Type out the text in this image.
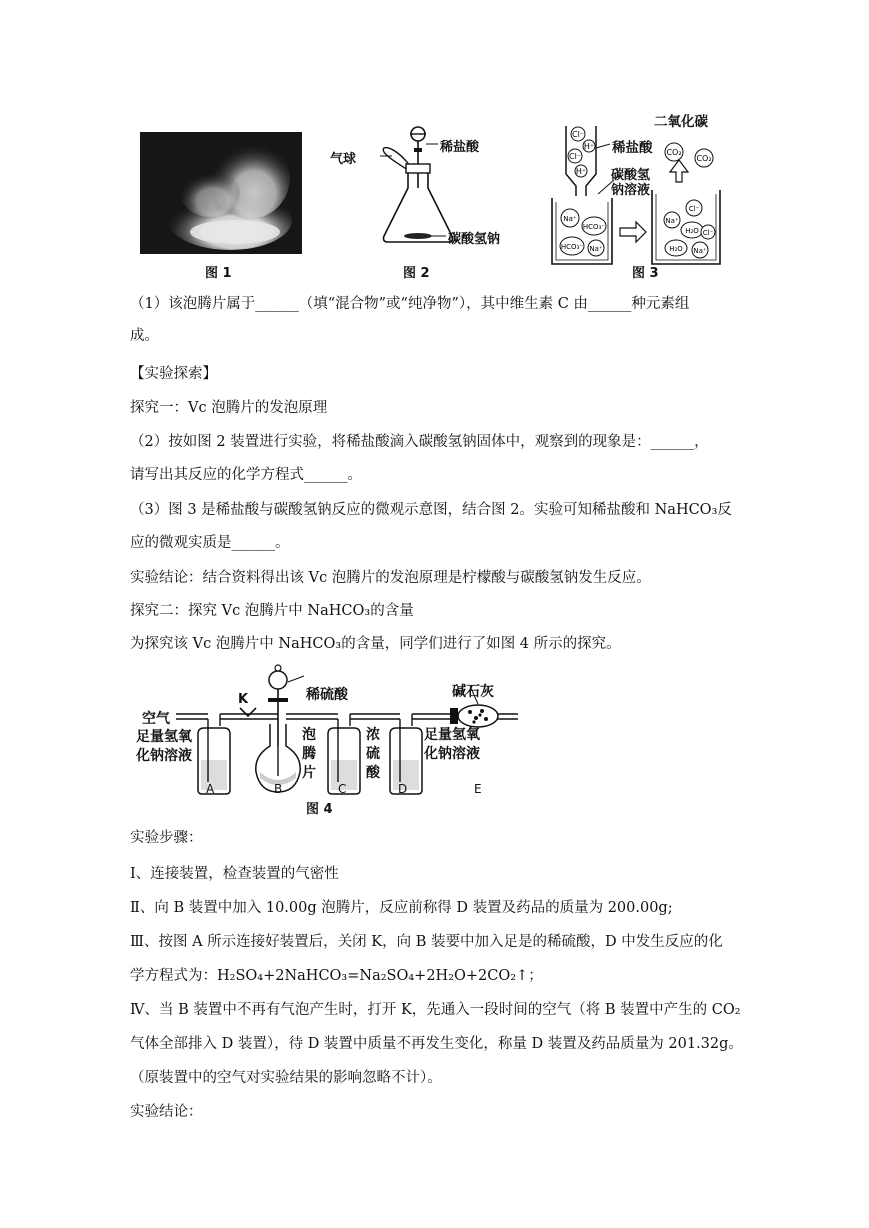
图 1
气球
稀盐酸
碳酸氢钠
图 2
Cl⁻
H⁺
Cl⁻
H⁺
Na⁺
HCO₃⁻
HCO₃⁻ Na⁺
CO₂
CO₂
Cl⁻
Na⁺
H₂O Cl⁻
H₂O Na⁺
二氧化碳
稀盐酸
碳酸氢钠溶液
图 3
（1）该泡腾片属于______（填“混合物”或“纯净物”），其中维生素 C 由______种元素组
成。
【实验探索】
探究一：Vc 泡腾片的发泡原理
（2）按如图 2 装置进行实验，将稀盐酸滴入碳酸氢钠固体中，观察到的现象是：______，
请写出其反应的化学方程式______。
（3）图 3 是稀盐酸与碳酸氢钠反应的微观示意图，结合图 2。实验可知稀盐酸和 NaHCO₃反
应的微观实质是______。
实验结论：结合资料得出该 Vc 泡腾片的发泡原理是柠檬酸与碳酸氢钠发生反应。
探究二：探究 Vc 泡腾片中 NaHCO₃的含量
为探究该 Vc 泡腾片中 NaHCO₃的含量，同学们进行了如图 4 所示的探究。
空气
K	稀硫酸	碱石灰
足量氢氧化钠溶液
泡腾片
浓硫酸
足量氢氧化钠溶液
A	B	C	D	E
图 4
实验步骤：
Ⅰ、连接装置，检查装置的气密性
Ⅱ、向 B 装置中加入 10.00g 泡腾片，反应前称得 D 装置及药品的质量为 200.00g;
Ⅲ、按图 A 所示连接好装置后，关闭 K，向 B 装要中加入足是的稀硫酸，D 中发生反应的化
学方程式为：H₂SO₄+2NaHCO₃=Na₂SO₄+2H₂O+2CO₂↑；
Ⅳ、当 B 装置中不再有气泡产生时，打开 K，先通入一段时间的空气（将 B 装置中产生的 CO₂
气体全部排入 D 装置），待 D 装置中质量不再发生变化，称量 D 装置及药品质量为 201.32g。
（原装置中的空气对实验结果的影响忽略不计）。
实验结论：
